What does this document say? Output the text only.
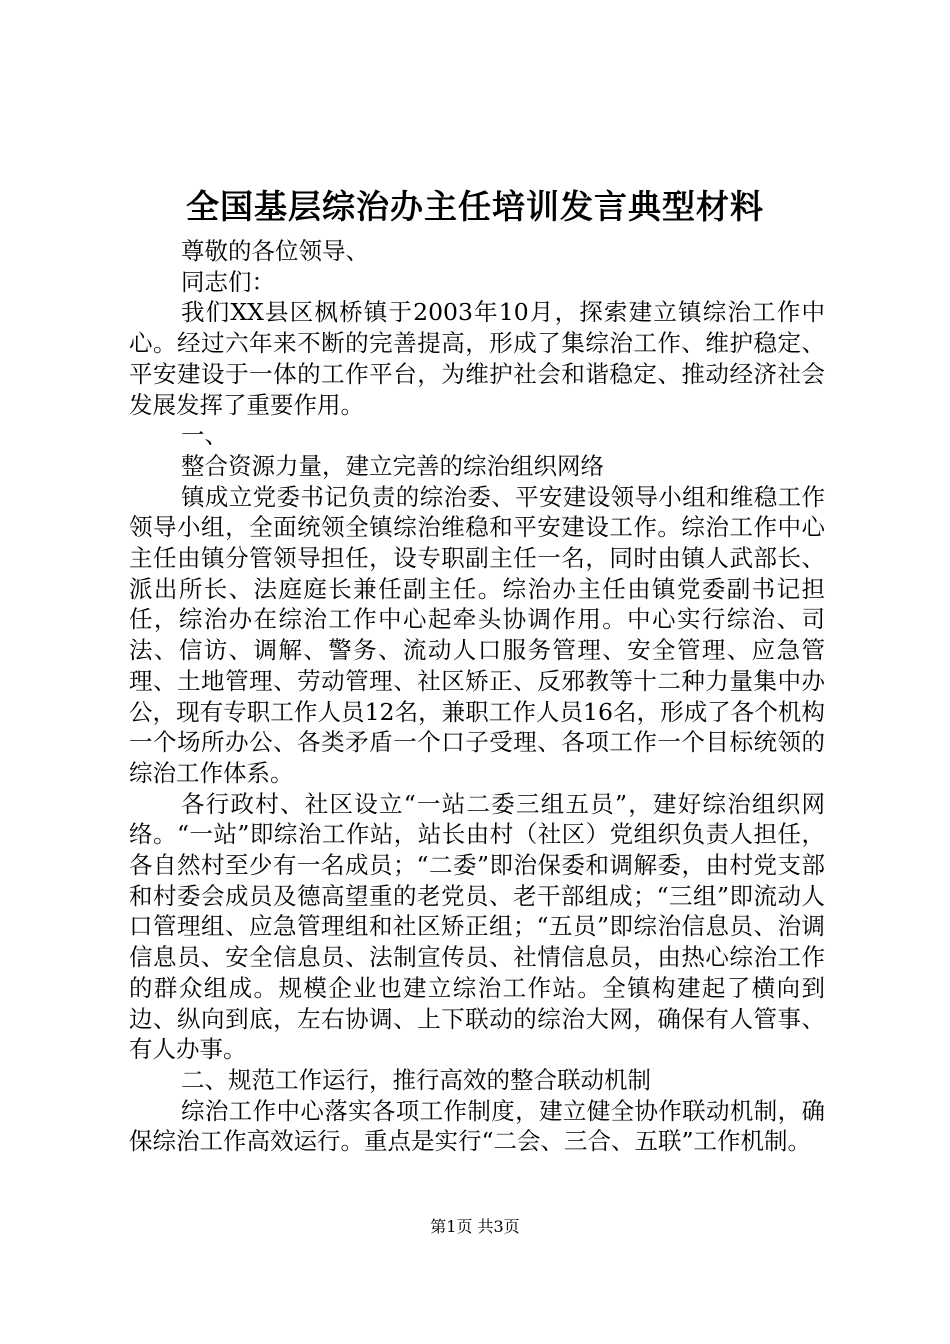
全国基层综治办主任培训发言典型材料

尊敬的各位领导、

同志们：

我们XX县区枫桥镇于2003年10月，探索建立镇综治工作中心。经过六年来不断的完善提高，形成了集综治工作、维护稳定、平安建设于一体的工作平台，为维护社会和谐稳定、推动经济社会发展发挥了重要作用。

一、

整合资源力量，建立完善的综治组织网络

镇成立党委书记负责的综治委、平安建设领导小组和维稳工作领导小组，全面统领全镇综治维稳和平安建设工作。综治工作中心主任由镇分管领导担任，设专职副主任一名，同时由镇人武部长、派出所长、法庭庭长兼任副主任。综治办主任由镇党委副书记担任，综治办在综治工作中心起牵头协调作用。中心实行综治、司法、信访、调解、警务、流动人口服务管理、安全管理、应急管理、土地管理、劳动管理、社区矫正、反邪教等十二种力量集中办公，现有专职工作人员12名，兼职工作人员16名，形成了各个机构一个场所办公、各类矛盾一个口子受理、各项工作一个目标统领的综治工作体系。

各行政村、社区设立“一站二委三组五员”，建好综治组织网络。“一站”即综治工作站，站长由村（社区）党组织负责人担任，各自然村至少有一名成员；“二委”即治保委和调解委，由村党支部和村委会成员及德高望重的老党员、老干部组成；“三组”即流动人口管理组、应急管理组和社区矫正组；“五员”即综治信息员、治调信息员、安全信息员、法制宣传员、社情信息员，由热心综治工作的群众组成。规模企业也建立综治工作站。全镇构建起了横向到边、纵向到底，左右协调、上下联动的综治大网，确保有人管事、有人办事。

二、规范工作运行，推行高效的整合联动机制

综治工作中心落实各项工作制度，建立健全协作联动机制，确保综治工作高效运行。重点是实行“二会、三合、五联”工作机制。

第1页 共3页
